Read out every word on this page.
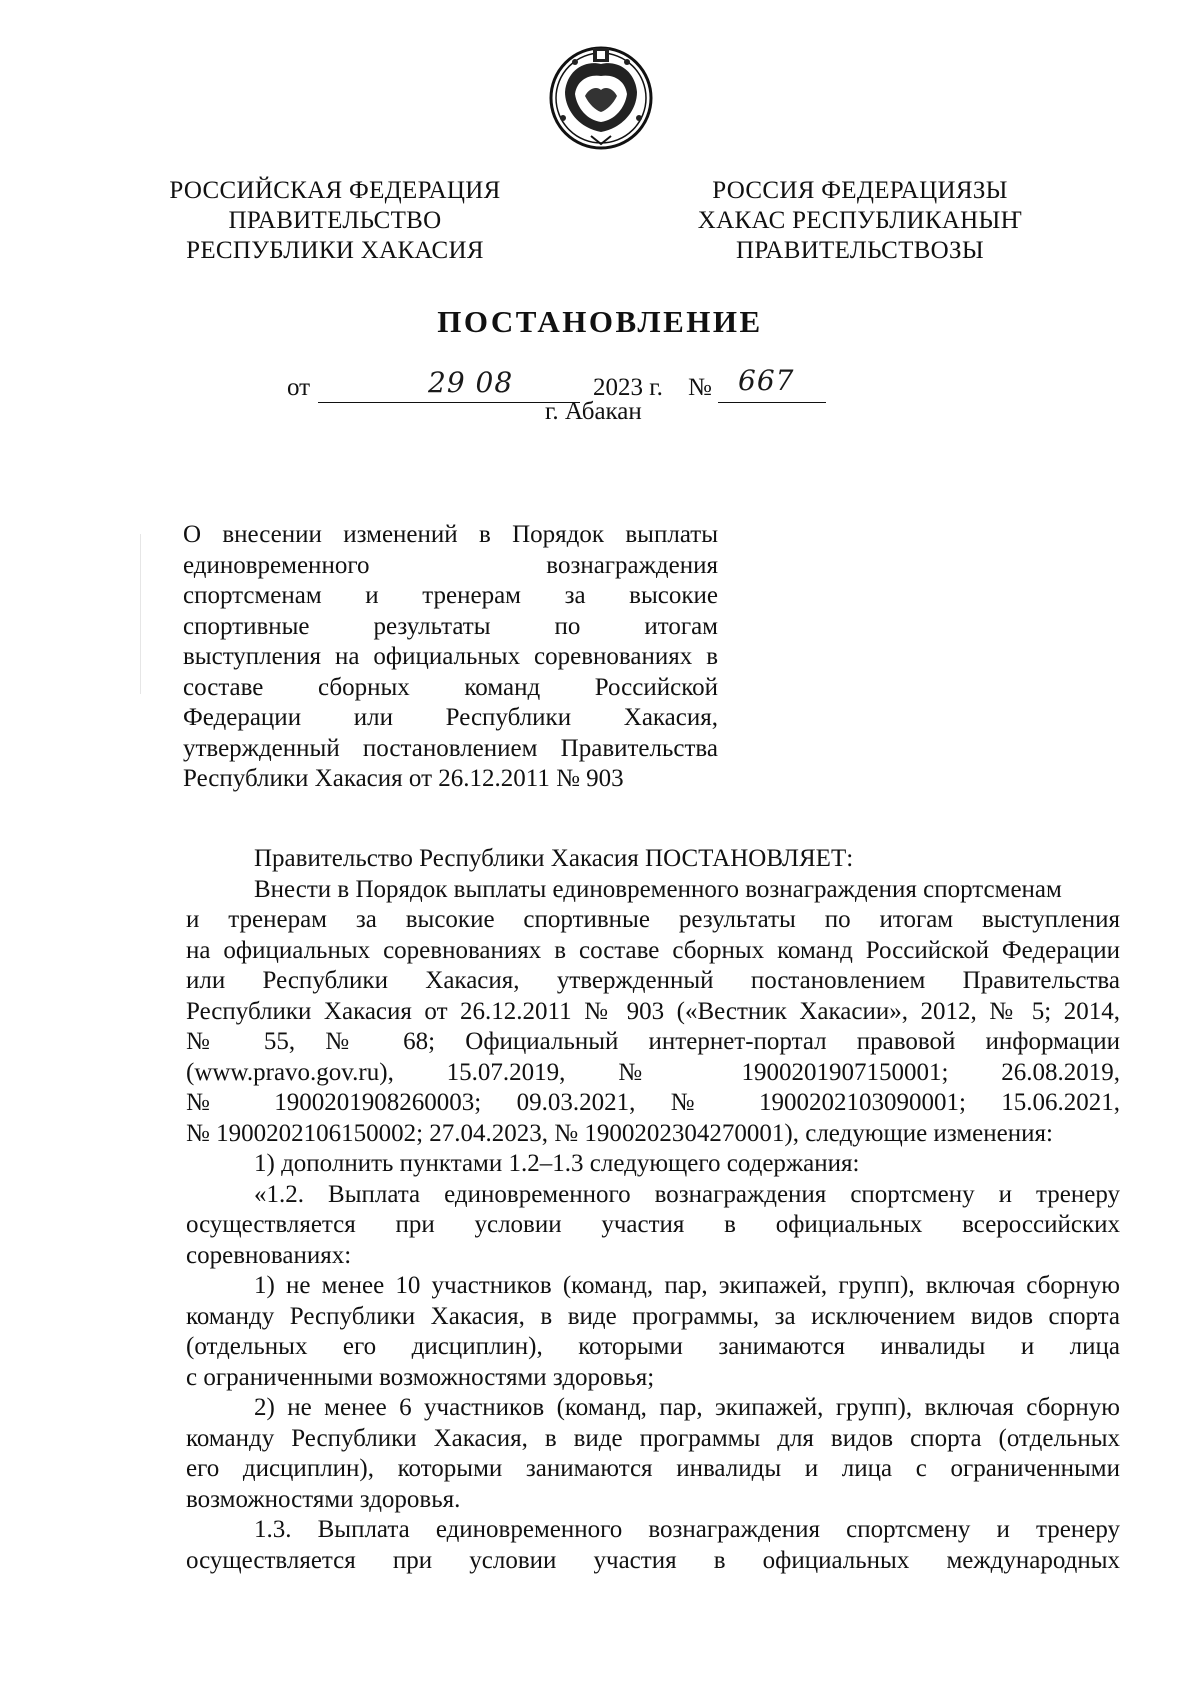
РОССИЙСКАЯ ФЕДЕРАЦИЯ
ПРАВИТЕЛЬСТВО
РЕСПУБЛИКИ ХАКАСИЯ
РОССИЯ ФЕДЕРАЦИЯЗЫ
ХАКАС РЕСПУБЛИКАНЫҤ
ПРАВИТЕЛЬСТВОЗЫ
ПОСТАНОВЛЕНИЕ
от	29 08	2023 г. № 667
г. Абакан
О внесении изменений в Порядок выплаты
единовременного вознаграждения
спортсменам и тренерам за высокие
спортивные результаты по итогам
выступления на официальных соревнованиях в
составе сборных команд Российской
Федерации или Республики Хакасия,
утвержденный постановлением Правительства
Республики Хакасия от 26.12.2011 № 903
Правительство Республики Хакасия ПОСТАНОВЛЯЕТ:
Внести в Порядок выплаты единовременного вознаграждения спортсменам
и тренерам за высокие спортивные результаты по итогам выступления
на официальных соревнованиях в составе сборных команд Российской Федерации
или Республики Хакасия, утвержденный постановлением Правительства
Республики Хакасия от 26.12.2011 № 903 («Вестник Хакасии», 2012, № 5; 2014,
№ 55, № 68; Официальный интернет-портал правовой информации
(www.pravo.gov.ru), 15.07.2019, № 1900201907150001; 26.08.2019,
№ 1900201908260003; 09.03.2021, № 1900202103090001; 15.06.2021,
№ 1900202106150002; 27.04.2023, № 1900202304270001), следующие изменения:
1) дополнить пунктами 1.2–1.3 следующего содержания:
«1.2. Выплата единовременного вознаграждения спортсмену и тренеру
осуществляется при условии участия в официальных всероссийских
соревнованиях:
1) не менее 10 участников (команд, пар, экипажей, групп), включая сборную
команду Республики Хакасия, в виде программы, за исключением видов спорта
(отдельных его дисциплин), которыми занимаются инвалиды и лица
с ограниченными возможностями здоровья;
2) не менее 6 участников (команд, пар, экипажей, групп), включая сборную
команду Республики Хакасия, в виде программы для видов спорта (отдельных
его дисциплин), которыми занимаются инвалиды и лица с ограниченными
возможностями здоровья.
1.3. Выплата единовременного вознаграждения спортсмену и тренеру
осуществляется при условии участия в официальных международных
